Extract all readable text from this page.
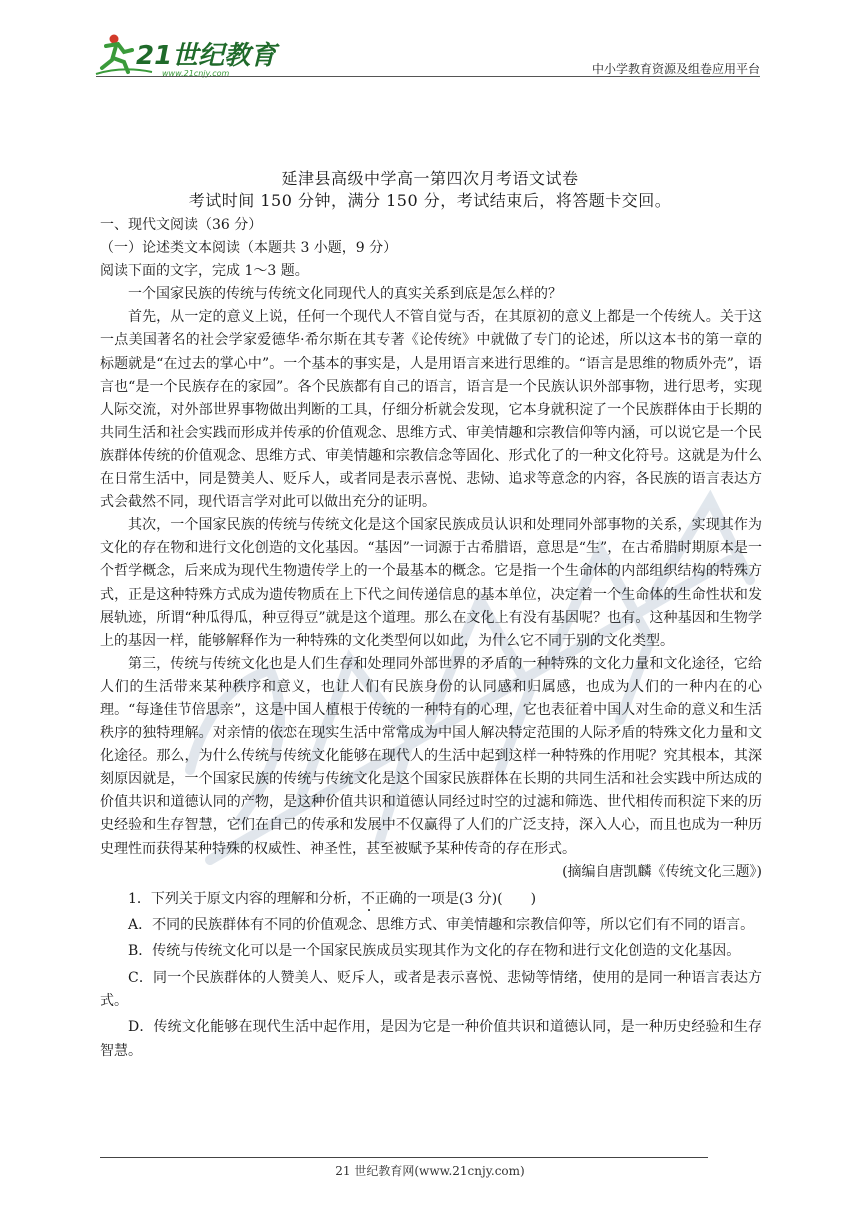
21世纪教育
www.21cnjy.com	中小学教育资源及组卷应用平台
延津县高级中学高一第四次月考语文试卷
考试时间 150 分钟，满分 150 分，考试结束后，将答题卡交回。

一、现代文阅读（36 分）

（一）论述类文本阅读（本题共 3 小题，9 分）

阅读下面的文字，完成 1～3 题。

一个国家民族的传统与传统文化同现代人的真实关系到底是怎么样的？

首先，从一定的意义上说，任何一个现代人不管自觉与否，在其原初的意义上都是一个传统人。关于这一点美国著名的社会学家爱德华·希尔斯在其专著《论传统》中就做了专门的论述，所以这本书的第一章的标题就是“在过去的掌心中”。一个基本的事实是，人是用语言来进行思维的。“语言是思维的物质外壳”，语言也“是一个民族存在的家园”。各个民族都有自己的语言，语言是一个民族认识外部事物，进行思考，实现人际交流，对外部世界事物做出判断的工具，仔细分析就会发现，它本身就积淀了一个民族群体由于长期的共同生活和社会实践而形成并传承的价值观念、思维方式、审美情趣和宗教信仰等内涵，可以说它是一个民族群体传统的价值观念、思维方式、审美情趣和宗教信念等固化、形式化了的一种文化符号。这就是为什么在日常生活中，同是赞美人、贬斥人，或者同是表示喜悦、悲恸、追求等意念的内容，各民族的语言表达方式会截然不同，现代语言学对此可以做出充分的证明。

其次，一个国家民族的传统与传统文化是这个国家民族成员认识和处理同外部事物的关系，实现其作为文化的存在物和进行文化创造的文化基因。“基因”一词源于古希腊语，意思是“生”，在古希腊时期原本是一个哲学概念，后来成为现代生物遗传学上的一个最基本的概念。它是指一个生命体的内部组织结构的特殊方式，正是这种特殊方式成为遗传物质在上下代之间传递信息的基本单位，决定着一个生命体的生命性状和发展轨迹，所谓“种瓜得瓜，种豆得豆”就是这个道理。那么在文化上有没有基因呢？也有。这种基因和生物学上的基因一样，能够解释作为一种特殊的文化类型何以如此，为什么它不同于别的文化类型。

第三，传统与传统文化也是人们生存和处理同外部世界的矛盾的一种特殊的文化力量和文化途径，它给人们的生活带来某种秩序和意义，也让人们有民族身份的认同感和归属感，也成为人们的一种内在的心理。“每逢佳节倍思亲”，这是中国人植根于传统的一种特有的心理，它也表征着中国人对生命的意义和生活秩序的独特理解。对亲情的依恋在现实生活中常常成为中国人解决特定范围的人际矛盾的特殊文化力量和文化途径。那么，为什么传统与传统文化能够在现代人的生活中起到这样一种特殊的作用呢？究其根本，其深刻原因就是，一个国家民族的传统与传统文化是这个国家民族群体在长期的共同生活和社会实践中所达成的价值共识和道德认同的产物，是这种价值共识和道德认同经过时空的过滤和筛选、世代相传而积淀下来的历史经验和生存智慧，它们在自己的传承和发展中不仅赢得了人们的广泛支持，深入人心，而且也成为一种历史理性而获得某种特殊的权威性、神圣性，甚至被赋予某种传奇的存在形式。

(摘编自唐凯麟《传统文化三题》)

1．下列关于原文内容的理解和分析，不正确的一项是(3 分)(　　)

A．不同的民族群体有不同的价值观念、思维方式、审美情趣和宗教信仰等，所以它们有不同的语言。

B．传统与传统文化可以是一个国家民族成员实现其作为文化的存在物和进行文化创造的文化基因。

C．同一个民族群体的人赞美人、贬斥人，或者是表示喜悦、悲恸等情绪，使用的是同一种语言表达方式。

D．传统文化能够在现代生活中起作用，是因为它是一种价值共识和道德认同，是一种历史经验和生存智慧。

21 世纪教育网(www.21cnjy.com)
